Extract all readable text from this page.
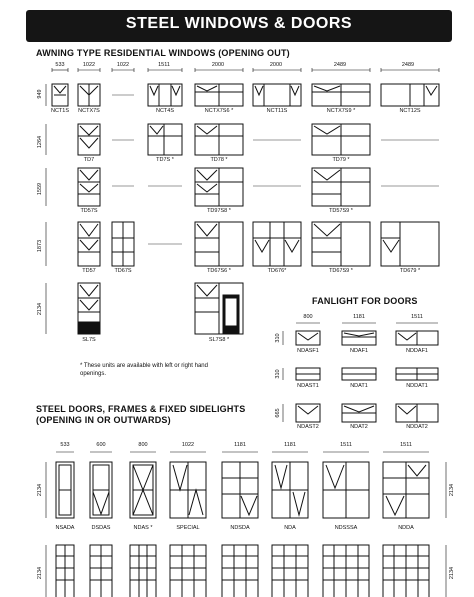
STEEL WINDOWS & DOORS
AWNING TYPE RESIDENTIAL WINDOWS (OPENING OUT)
533	1022	1022	1511	2000	2000	2489	2489
949
1264
1559
1873
2134
NCT1S	NCTX7S	NCT4S	NCTX7S6 *	NCT11S	NCTX7S9 *	NCT12S
TD7	TD7S *	TD78 *	TD79 *
TD57S	TD97S8 *	TD57S9 *
TD57	TD67S	TD67S6 *	TD676*	TD67S9 *	TD679 *
SL7S	SL7S8 *
* These units are available with left or right hand openings.
FANLIGHT FOR DOORS
800	1181	1511
310
310
665
NDASF1	NDAF1	NDDAF1
NDAST1	NDAT1	NDDAT1
NDAST2	NDAT2	NDDAT2
STEEL DOORS, FRAMES & FIXED SIDELIGHTS
(OPENING IN OR OUTWARDS)
533	600	800	1022	1181	1181	1511	1511
2134	2134
2134	2134
NSADA	DSDAS	NDAS *	SPECIAL	NDSDA	NDA	NDSSSA	NDDA
